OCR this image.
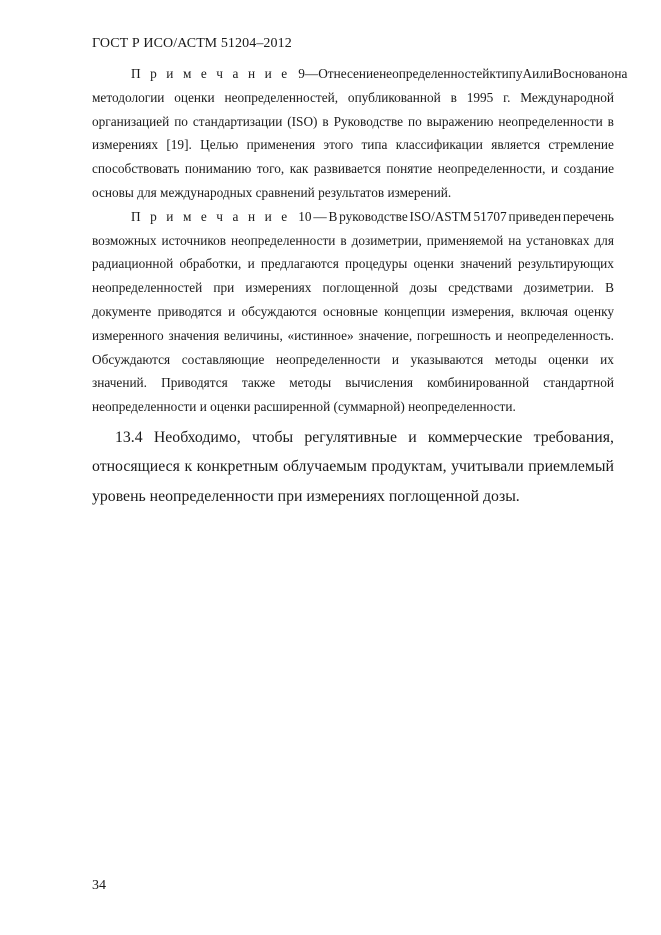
ГОСТ Р ИСО/АСТМ 51204–2012
П р и м е ч а н и е 9 — Отнесение неопределенностей к типу А или В основано на
методологии оценки неопределенностей, опубликованной в 1995 г. Международной
организацией по стандартизации (ISO) в Руководстве по выражению неопределенности в
измерениях [19]. Целью применения этого типа классификации является стремление
способствовать пониманию того, как развивается понятие неопределенности, и создание
основы для международных сравнений результатов измерений.
П р и м е ч а н и е 10 — В руководстве ISO/ASTM 51707 приведен перечень
возможных источников неопределенности в дозиметрии, применяемой на установках для
радиационной обработки, и предлагаются процедуры оценки значений результирующих
неопределенностей при измерениях поглощенной дозы средствами дозиметрии. В
документе приводятся и обсуждаются основные концепции измерения, включая оценку
измеренного значения величины, «истинное» значение, погрешность и неопределенность.
Обсуждаются составляющие неопределенности и указываются методы оценки их
значений. Приводятся также методы вычисления комбинированной стандартной
неопределенности и оценки расширенной (суммарной) неопределенности.
13.4 Необходимо, чтобы регулятивные и коммерческие требования,
относящиеся к конкретным облучаемым продуктам, учитывали приемлемый
уровень неопределенности при измерениях поглощенной дозы.
34
